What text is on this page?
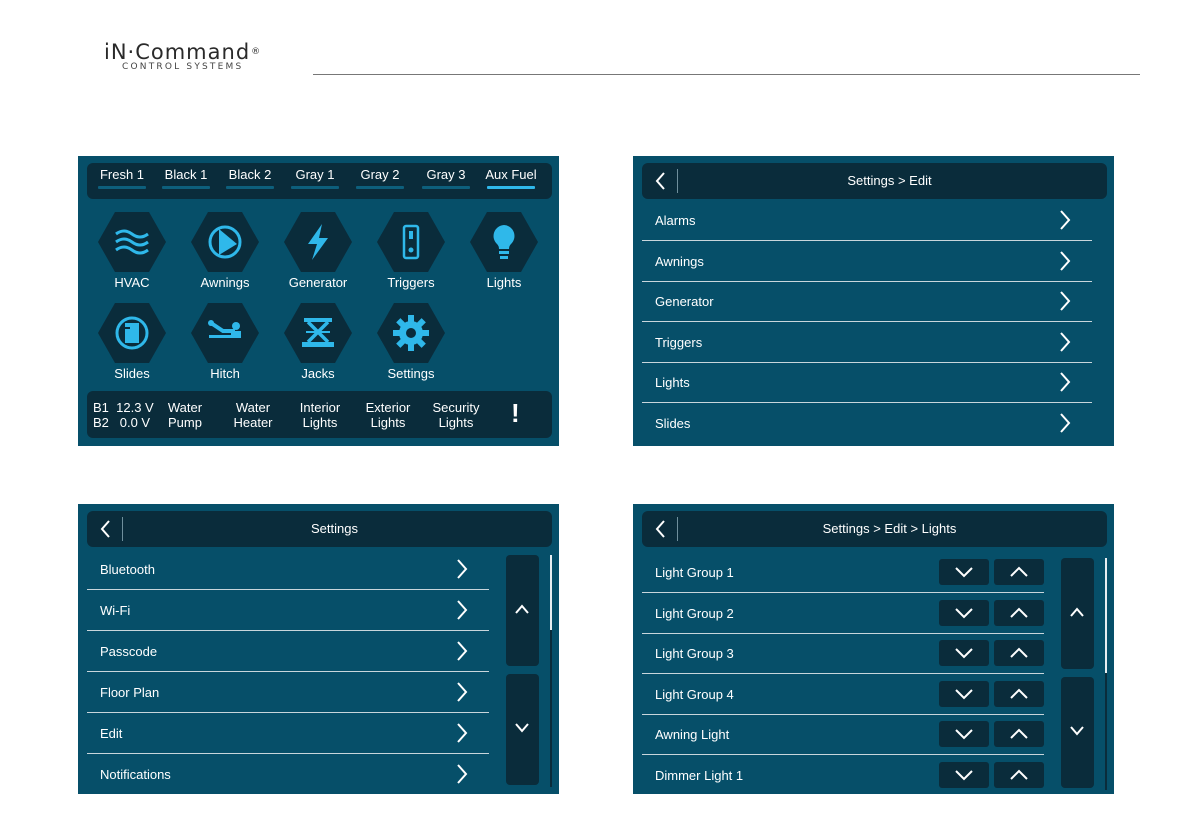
iN·Command®
CONTROL SYSTEMS
Fresh 1	Black 1	Black 2	Gray 1	Gray 2	Gray 3	Aux Fuel
HVAC	Awnings	Generator	Triggers	Lights
Slides	Hitch	Jacks	Settings
B1  12.3 V
B2   0.0 V
Water
Pump
Water
Heater
Interior
Lights
Exterior
Lights
Security
Lights	!
Settings > Edit
Alarms
Awnings
Generator
Triggers
Lights
Slides
Settings
Bluetooth
Wi-Fi
Passcode
Floor Plan
Edit
Notifications
Settings > Edit > Lights
Light Group 1
Light Group 2
Light Group 3
Light Group 4
Awning Light
Dimmer Light 1
